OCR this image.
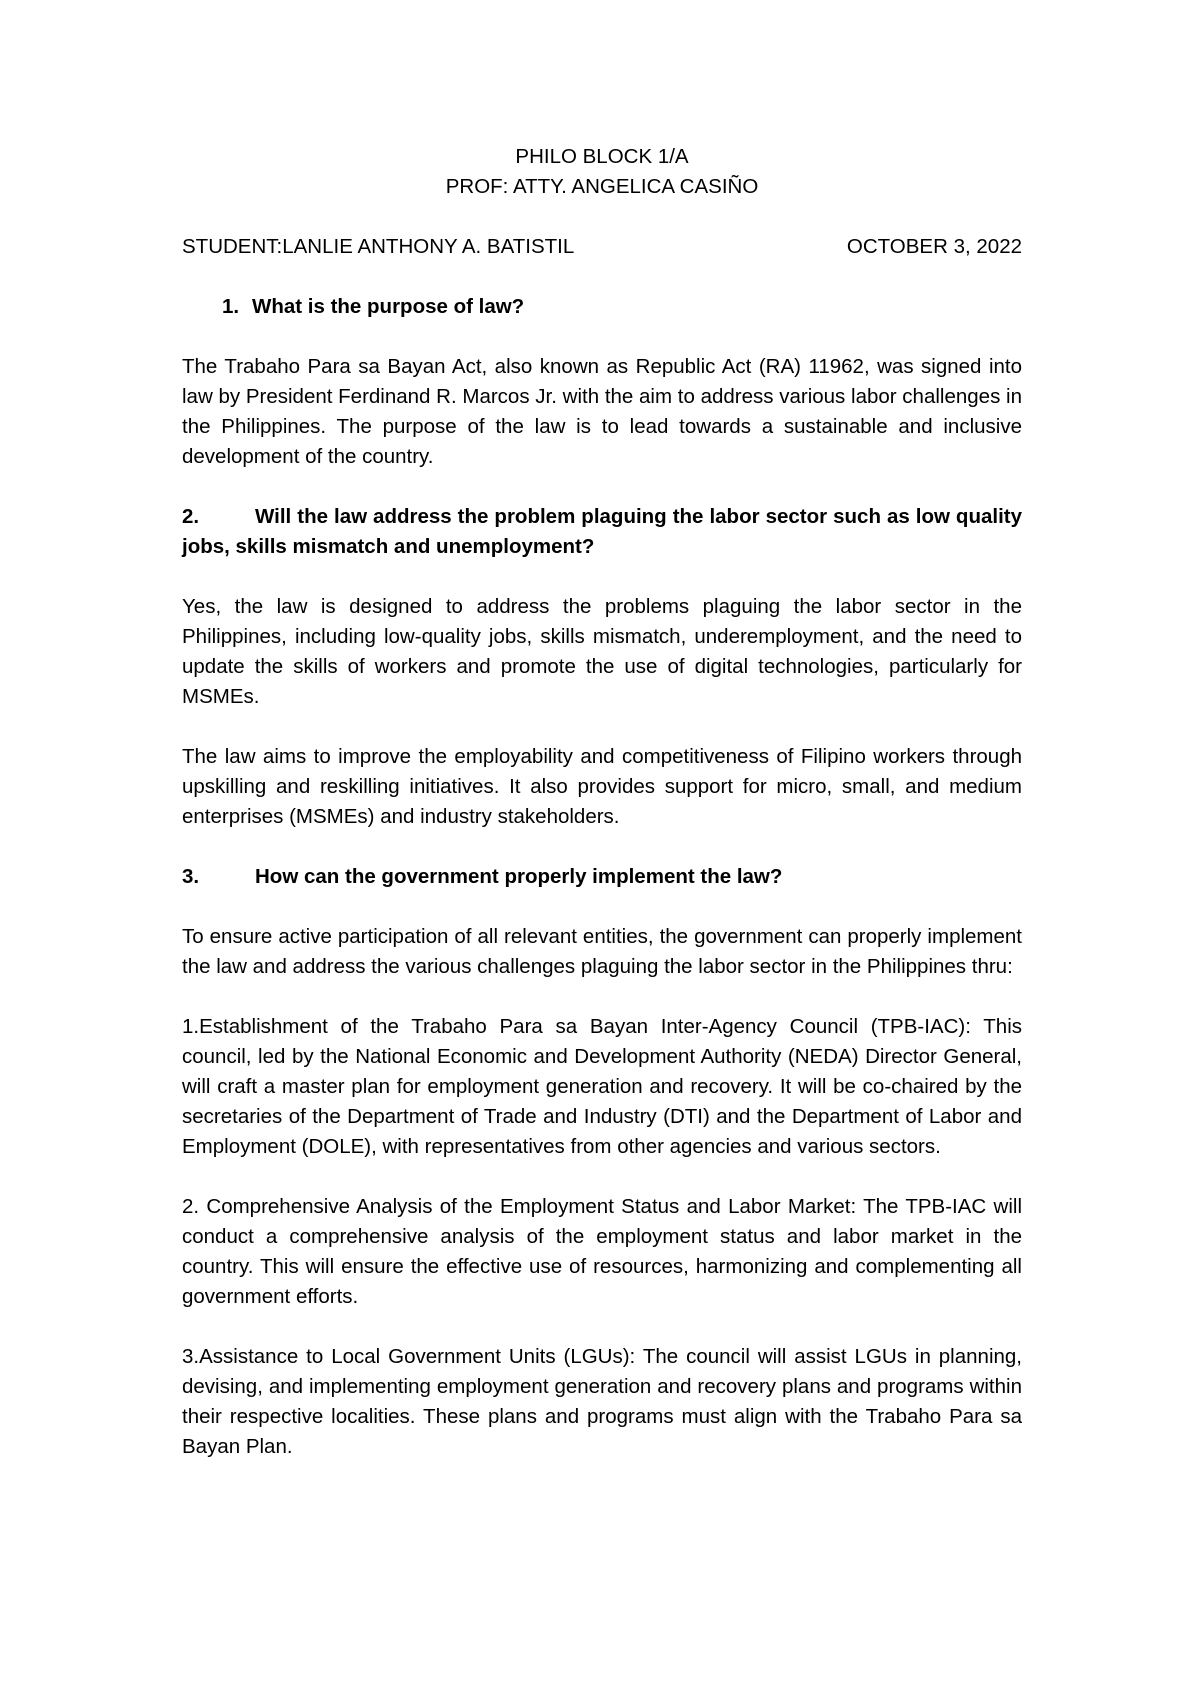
PHILO BLOCK 1/A
PROF: ATTY. ANGELICA CASIÑO
STUDENT:LANLIE ANTHONY A. BATISTIL	OCTOBER 3, 2022
1. What is the purpose of law?

The Trabaho Para sa Bayan Act, also known as Republic Act (RA) 11962, was signed into law by President Ferdinand R. Marcos Jr. with the aim to address various labor challenges in the Philippines. The purpose of the law is to lead towards a sustainable and inclusive development of the country.

2.	Will the law address the problem plaguing the labor sector such as low quality jobs, skills mismatch and unemployment?

Yes, the law is designed to address the problems plaguing the labor sector in the Philippines, including low-quality jobs, skills mismatch, underemployment, and the need to update the skills of workers and promote the use of digital technologies, particularly for MSMEs.

The law aims to improve the employability and competitiveness of Filipino workers through upskilling and reskilling initiatives. It also provides support for micro, small, and medium enterprises (MSMEs) and industry stakeholders.

3.	How can the government properly implement the law?

To ensure active participation of all relevant entities, the government can properly implement the law and address the various challenges plaguing the labor sector in the Philippines thru:

1.Establishment of the Trabaho Para sa Bayan Inter-Agency Council (TPB-IAC): This council, led by the National Economic and Development Authority (NEDA) Director General, will craft a master plan for employment generation and recovery. It will be co-chaired by the secretaries of the Department of Trade and Industry (DTI) and the Department of Labor and Employment (DOLE), with representatives from other agencies and various sectors.

2. Comprehensive Analysis of the Employment Status and Labor Market: The TPB-IAC will conduct a comprehensive analysis of the employment status and labor market in the country. This will ensure the effective use of resources, harmonizing and complementing all government efforts.

3.Assistance to Local Government Units (LGUs): The council will assist LGUs in planning, devising, and implementing employment generation and recovery plans and programs within their respective localities. These plans and programs must align with the Trabaho Para sa Bayan Plan.
